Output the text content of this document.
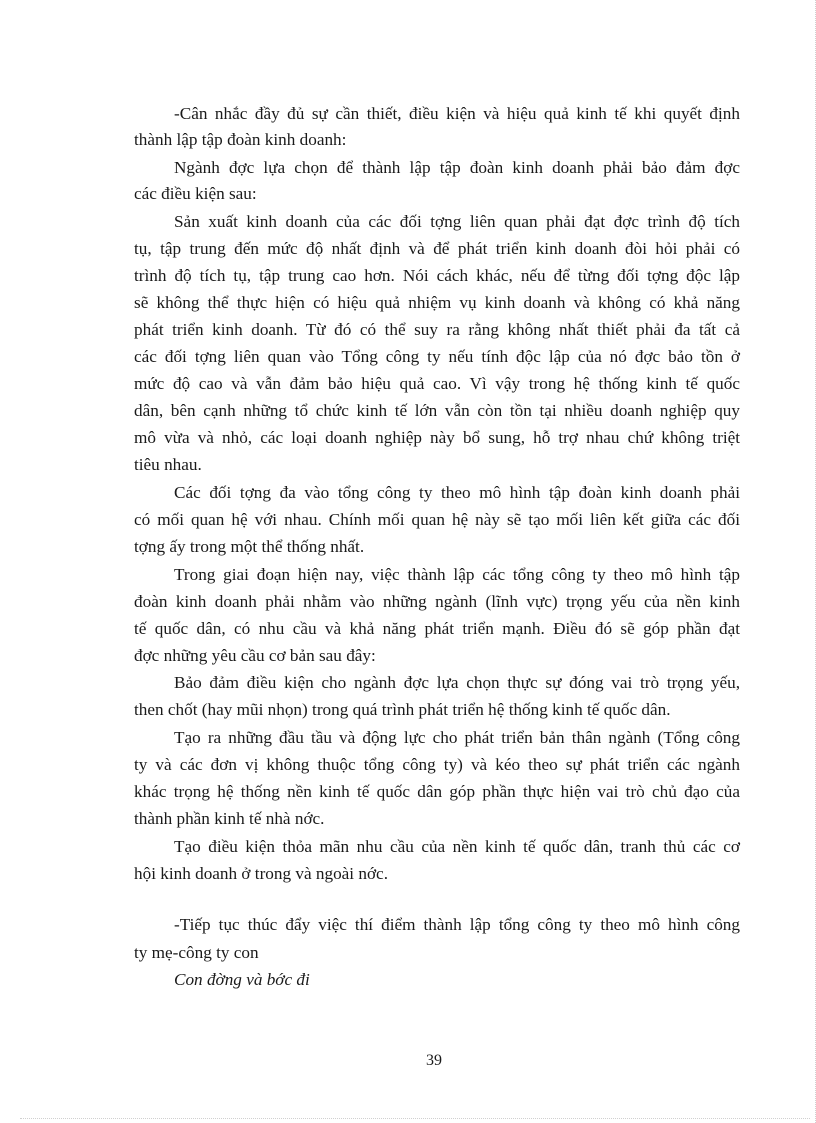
-Cân nhắc đầy đủ sự cần thiết, điều kiện và hiệu quả kinh tế khi quyết định
thành lập tập đoàn kinh doanh:
Ngành đợc lựa chọn để thành lập tập đoàn kinh doanh phải bảo đảm đợc
các điều kiện sau:
Sản xuất kinh doanh của các đối tợng liên quan phải đạt đợc trình độ tích
tụ, tập trung đến mức độ nhất định và để phát triển kinh doanh đòi hỏi phải có
trình độ tích tụ, tập trung cao hơn. Nói cách khác, nếu để từng đối tợng độc lập
sẽ không thể thực hiện có hiệu quả nhiệm vụ kinh doanh và không có khả năng
phát triển kinh doanh. Từ đó có thể suy ra rằng không nhất thiết phải đa tất cả
các đối tợng liên quan vào Tổng công ty nếu tính độc lập của nó đợc bảo tồn ở
mức độ cao và vẫn đảm bảo hiệu quả cao. Vì vậy trong hệ thống kinh tế quốc
dân, bên cạnh những tổ chức kinh tế lớn vẫn còn tồn tại nhiều doanh nghiệp quy
mô vừa và nhỏ, các loại doanh nghiệp này bổ sung, hỗ trợ nhau chứ không triệt
tiêu nhau.
Các đối tợng đa vào tổng công ty theo mô hình tập đoàn kinh doanh phải
có mối quan hệ với nhau. Chính mối quan hệ này sẽ tạo mối liên kết giữa các đối
tợng ấy trong một thể thống nhất.
Trong giai đoạn hiện nay, việc thành lập các tổng công ty theo mô hình tập
đoàn kinh doanh phải nhằm vào những ngành (lĩnh vực) trọng yếu của nền kinh
tế quốc dân, có nhu cầu và khả năng phát triển mạnh. Điều đó sẽ góp phần đạt
đợc những yêu cầu cơ bản sau đây:
Bảo đảm điều kiện cho ngành đợc lựa chọn thực sự đóng vai trò trọng yếu,
then chốt (hay mũi nhọn) trong quá trình phát triển hệ thống kinh tế quốc dân.
Tạo ra những đầu tầu và động lực cho phát triển bản thân ngành (Tổng công
ty và các đơn vị không thuộc tổng công ty) và kéo theo sự phát triển các ngành
khác trọng hệ thống nền kinh tế quốc dân góp phần thực hiện vai trò chủ đạo của
thành phần kinh tế nhà nớc.
Tạo điều kiện thỏa mãn nhu cầu của nền kinh tế quốc dân, tranh thủ các cơ
hội kinh doanh ở trong và ngoài nớc.
-Tiếp tục thúc đẩy việc thí điểm thành lập tổng công ty theo mô hình công
ty mẹ-công ty con
Con đờng và bớc đi
39
